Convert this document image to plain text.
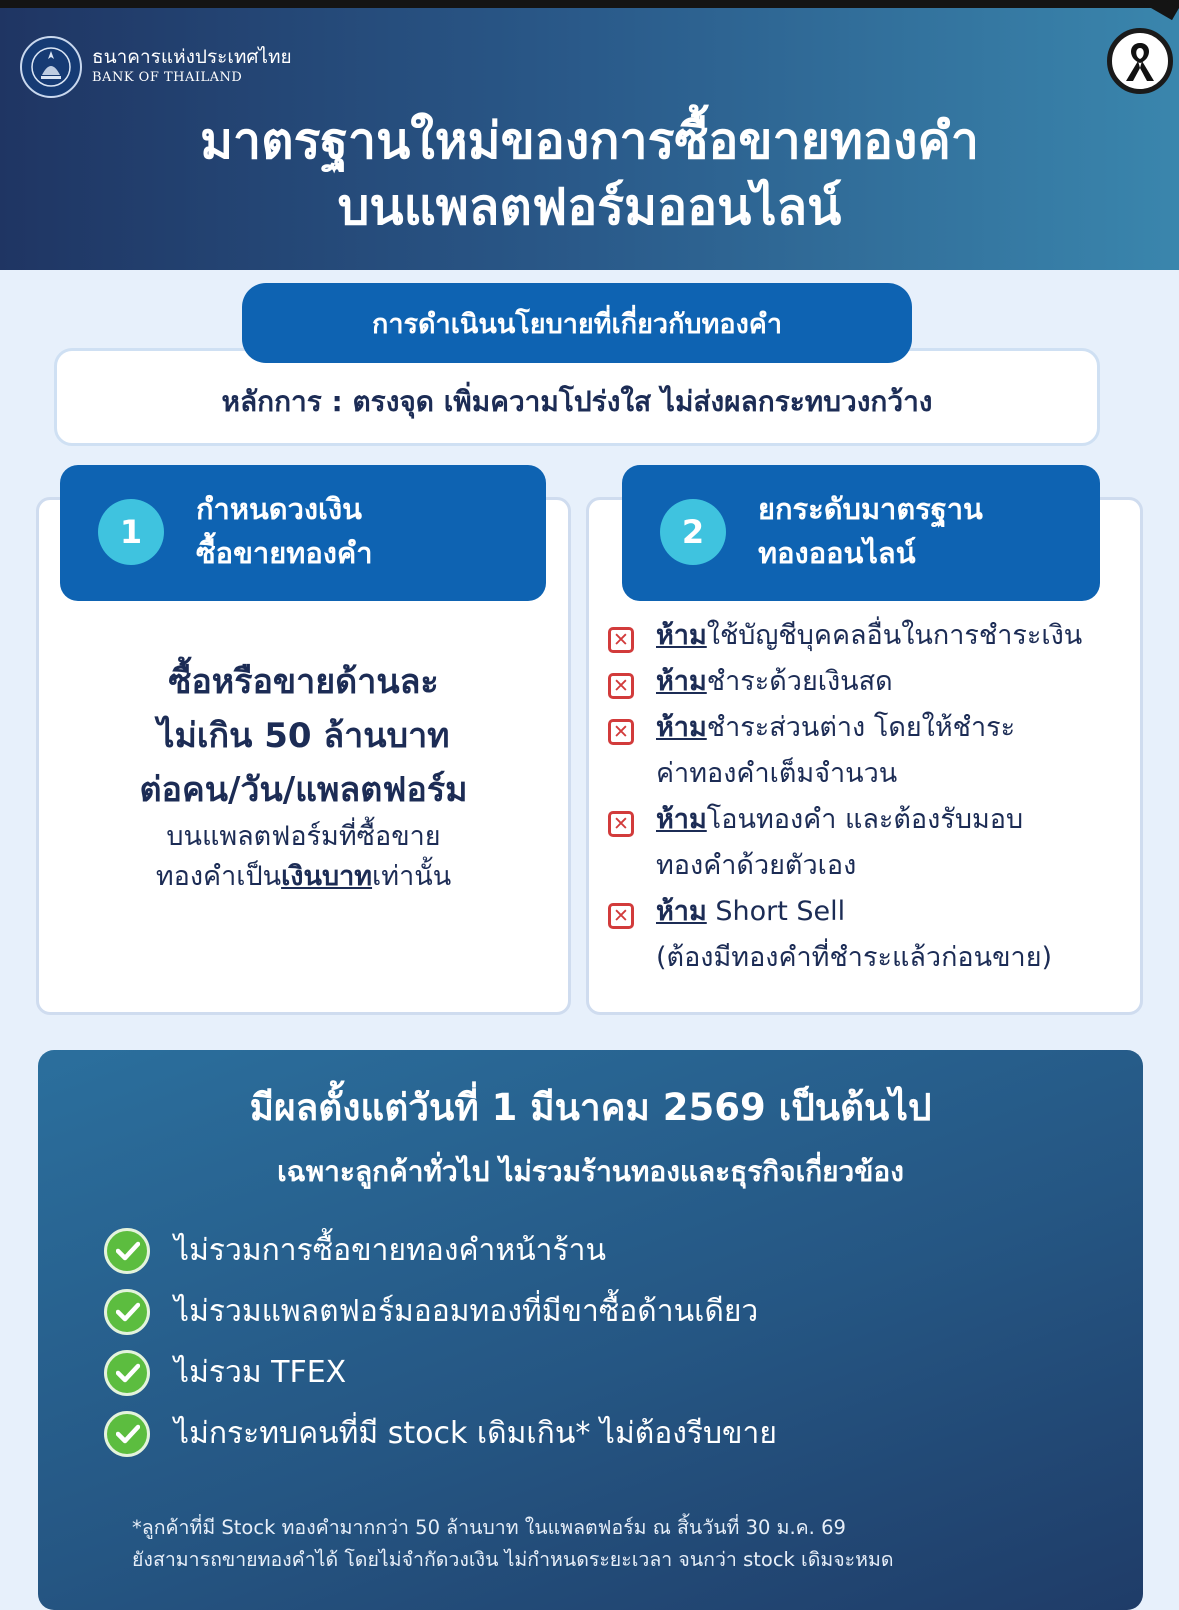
ธนาคารแห่งประเทศไทย
BANK OF THAILAND
มาตรฐานใหม่ของการซื้อขายทองคำ
บนแพลตฟอร์มออนไลน์
การดำเนินนโยบายที่เกี่ยวกับทองคำ
หลักการ : ตรงจุด เพิ่มความโปร่งใส ไม่ส่งผลกระทบวงกว้าง
1
กำหนดวงเงิน
ซื้อขายทองคำ
ซื้อหรือขายด้านละ
ไม่เกิน 50 ล้านบาท
ต่อคน/วัน/แพลตฟอร์ม
บนแพลตฟอร์มที่ซื้อขาย
ทองคำเป็นเงินบาทเท่านั้น
2
ยกระดับมาตรฐาน
ทองออนไลน์
✕ ห้ามใช้บัญชีบุคคลอื่นในการชำระเงิน
✕ ห้ามชำระด้วยเงินสด
✕ ห้ามชำระส่วนต่าง โดยให้ชำระ
ค่าทองคำเต็มจำนวน
✕ ห้ามโอนทองคำ และต้องรับมอบ
ทองคำด้วยตัวเอง
✕ ห้าม Short Sell
(ต้องมีทองคำที่ชำระแล้วก่อนขาย)
มีผลตั้งแต่วันที่ 1 มีนาคม 2569 เป็นต้นไป
เฉพาะลูกค้าทั่วไป ไม่รวมร้านทองและธุรกิจเกี่ยวข้อง
ไม่รวมการซื้อขายทองคำหน้าร้าน
ไม่รวมแพลตฟอร์มออมทองที่มีขาซื้อด้านเดียว
ไม่รวม TFEX
ไม่กระทบคนที่มี stock เดิมเกิน* ไม่ต้องรีบขาย
*ลูกค้าที่มี Stock ทองคำมากกว่า 50 ล้านบาท ในแพลตฟอร์ม ณ สิ้นวันที่ 30 ม.ค. 69
ยังสามารถขายทองคำได้ โดยไม่จำกัดวงเงิน ไม่กำหนดระยะเวลา จนกว่า stock เดิมจะหมด
